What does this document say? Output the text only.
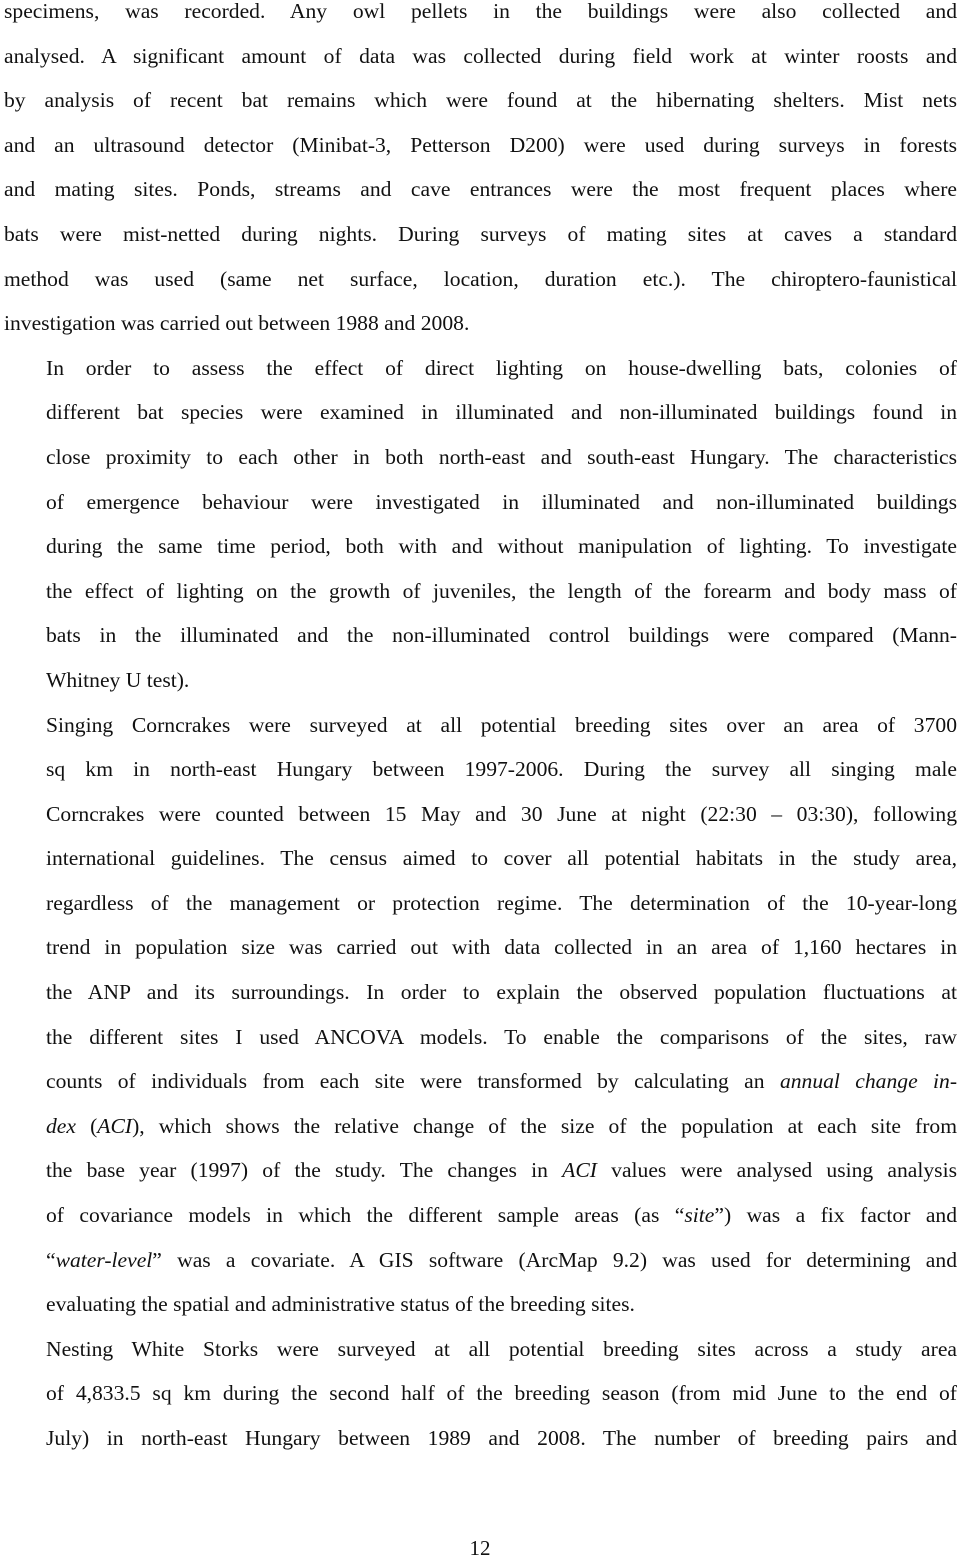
specimens, was recorded. Any owl pellets in the buildings were also collected and
analysed. A significant amount of data was collected during field work at winter roosts and
by analysis of recent bat remains which were found at the hibernating shelters. Mist nets
and an ultrasound detector (Minibat-3, Petterson D200) were used during surveys in forests
and mating sites. Ponds, streams and cave entrances were the most frequent places where
bats were mist-netted during nights. During surveys of mating sites at caves a standard
method was used (same net surface, location, duration etc.). The chiroptero-faunistical
investigation was carried out between 1988 and 2008.

In order to assess the effect of direct lighting on house-dwelling bats, colonies of
different bat species were examined in illuminated and non-illuminated buildings found in
close proximity to each other in both north-east and south-east Hungary. The characteristics
of emergence behaviour were investigated in illuminated and non-illuminated buildings
during the same time period, both with and without manipulation of lighting. To investigate
the effect of lighting on the growth of juveniles, the length of the forearm and body mass of
bats in the illuminated and the non-illuminated control buildings were compared (Mann-
Whitney U test).

Singing Corncrakes were surveyed at all potential breeding sites over an area of 3700
sq km in north-east Hungary between 1997-2006. During the survey all singing male
Corncrakes were counted between 15 May and 30 June at night (22:30 – 03:30), following
international guidelines. The census aimed to cover all potential habitats in the study area,
regardless of the management or protection regime. The determination of the 10-year-long
trend in population size was carried out with data collected in an area of 1,160 hectares in
the ANP and its surroundings. In order to explain the observed population fluctuations at
the different sites I used ANCOVA models. To enable the comparisons of the sites, raw
counts of individuals from each site were transformed by calculating an annual change in-
dex (ACI), which shows the relative change of the size of the population at each site from
the base year (1997) of the study. The changes in ACI values were analysed using analysis
of covariance models in which the different sample areas (as “site”) was a fix factor and
“water-level” was a covariate. A GIS software (ArcMap 9.2) was used for determining and
evaluating the spatial and administrative status of the breeding sites.

Nesting White Storks were surveyed at all potential breeding sites across a study area
of 4,833.5 sq km during the second half of the breeding season (from mid June to the end of
July) in north-east Hungary between 1989 and 2008. The number of breeding pairs and

12
